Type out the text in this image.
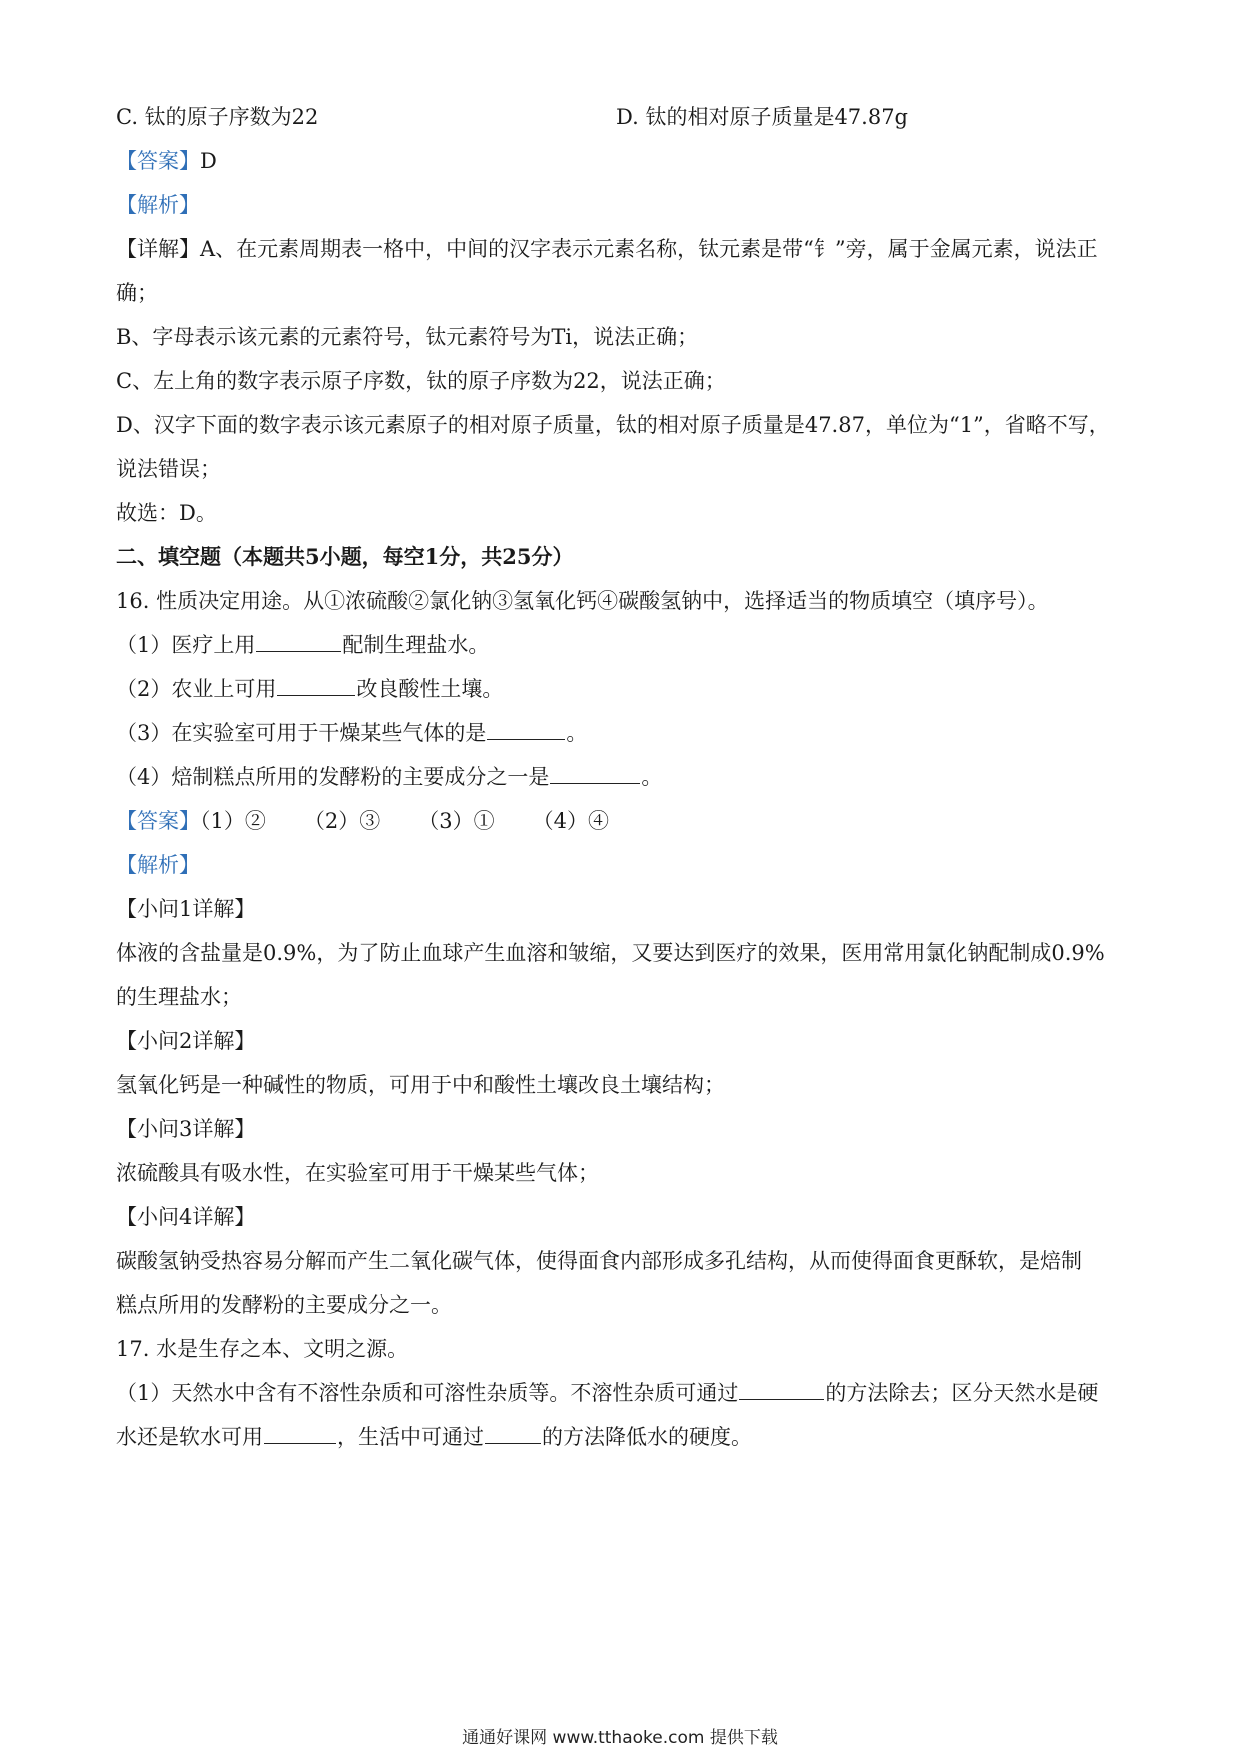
C. 钛的原子序数为22	D. 钛的相对原子质量是47.87g
【答案】D
【解析】
【详解】A、在元素周期表一格中，中间的汉字表示元素名称，钛元素是带“钅”旁，属于金属元素，说法正
确；
B、字母表示该元素的元素符号，钛元素符号为Ti，说法正确；
C、左上角的数字表示原子序数，钛的原子序数为22，说法正确；
D、汉字下面的数字表示该元素原子的相对原子质量，钛的相对原子质量是47.87，单位为“1”，省略不写，
说法错误；
故选：D。
二、填空题（本题共5小题，每空1分，共25分）
16. 性质决定用途。从①浓硫酸②氯化钠③氢氧化钙④碳酸氢钠中，选择适当的物质填空（填序号）。
（1）医疗上用	配制生理盐水。
（2）农业上可用	改良酸性土壤。
（3）在实验室可用于干燥某些气体的是	。
（4）焙制糕点所用的发酵粉的主要成分之一是	。
【答案】（1）② （2）③ （3）① （4）④
【解析】
【小问1详解】
体液的含盐量是0.9%，为了防止血球产生血溶和皱缩，又要达到医疗的效果，医用常用氯化钠配制成0.9%
的生理盐水；
【小问2详解】
氢氧化钙是一种碱性的物质，可用于中和酸性土壤改良土壤结构；
【小问3详解】
浓硫酸具有吸水性，在实验室可用于干燥某些气体；
【小问4详解】
碳酸氢钠受热容易分解而产生二氧化碳气体，使得面食内部形成多孔结构，从而使得面食更酥软，是焙制
糕点所用的发酵粉的主要成分之一。
17. 水是生存之本、文明之源。
（1）天然水中含有不溶性杂质和可溶性杂质等。不溶性杂质可通过	的方法除去；区分天然水是硬
水还是软水可用	，生活中可通过	的方法降低水的硬度。
通通好课网 www.tthaoke.com 提供下载
